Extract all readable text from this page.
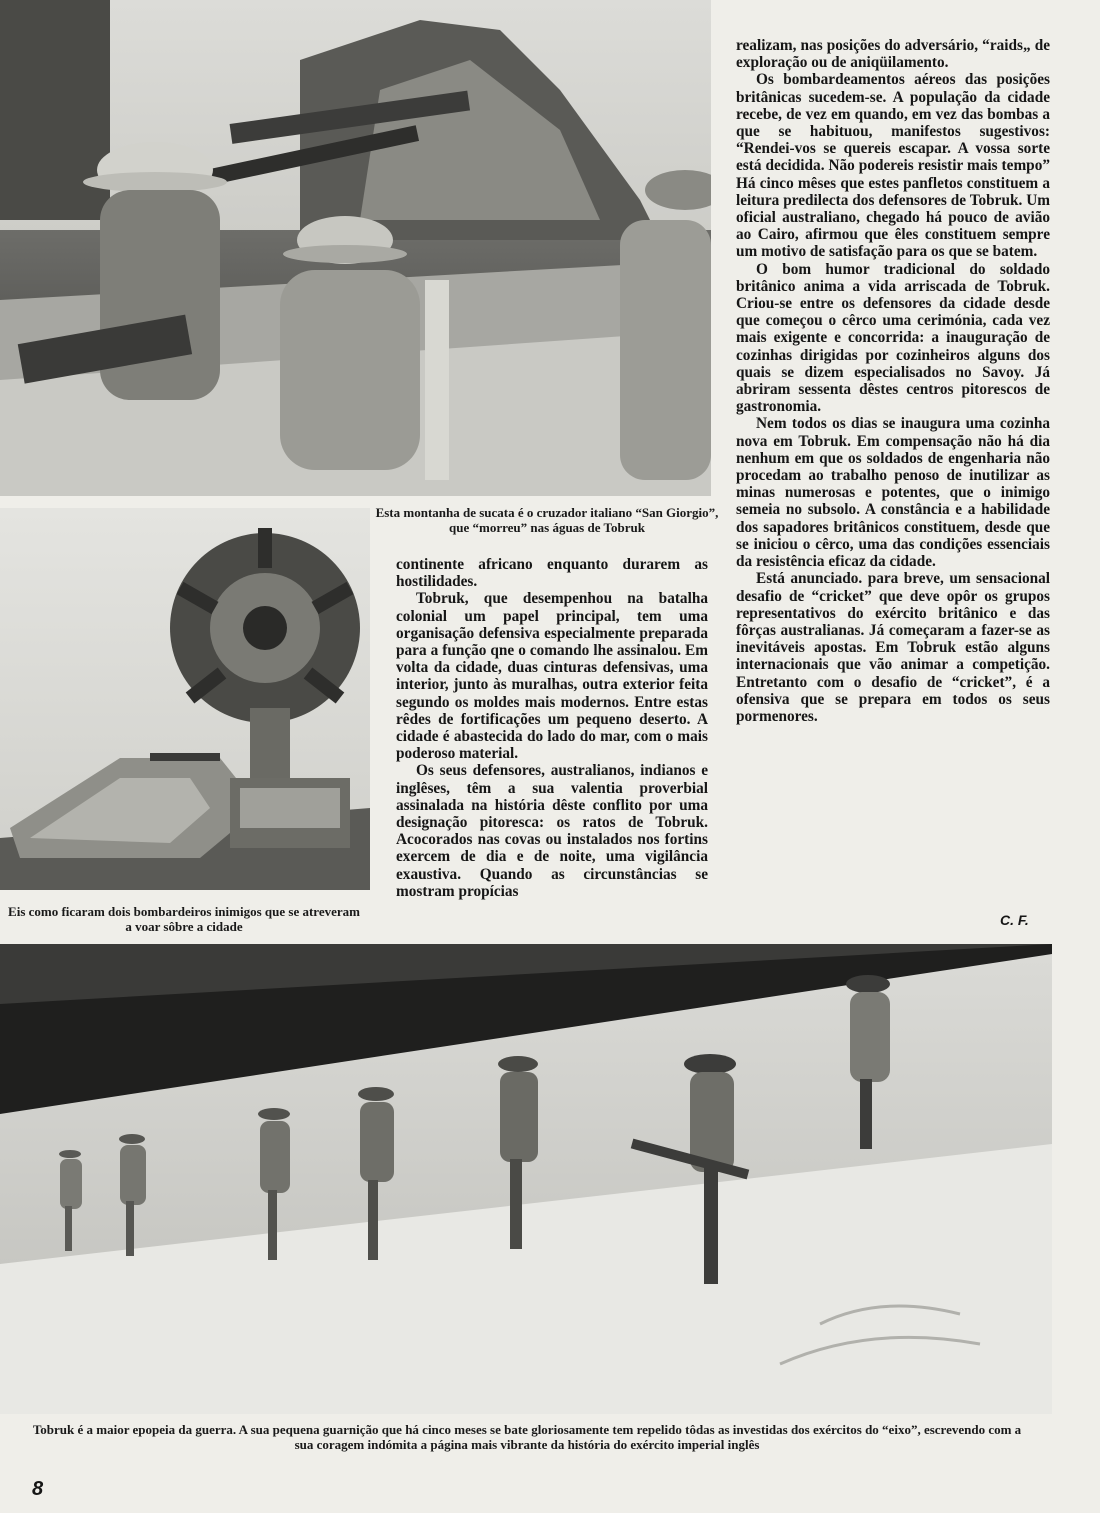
Esta montanha de sucata é o cruzador italiano “San Giorgio”, que “morreu” nas águas de Tobruk
Eis como ficaram dois bombardeiros inimigos que se atreveram a voar sôbre a cidade

continente africano enquanto durarem as hostilidades.

Tobruk, que desempenhou na batalha colonial um papel principal, tem uma organisação defensiva especialmente preparada para a função qne o comando lhe assinalou. Em volta da cidade, duas cinturas defensivas, uma interior, junto às muralhas, outra exterior feita segundo os moldes mais modernos. Entre estas rêdes de fortificações um pequeno deserto. A cidade é abastecida do lado do mar, com o mais poderoso material.

Os seus defensores, australianos, indianos e inglêses, têm a sua valentia proverbial assinalada na história dêste conflito por uma designação pitoresca: os ratos de Tobruk. Acocorados nas covas ou instalados nos fortins exercem de dia e de noite, uma vigilância exaustiva. Quando as circunstâncias se mostram propícias

realizam, nas posições do adversário, “raids„ de exploração ou de aniqüilamento.

Os bombardeamentos aéreos das posições britânicas sucedem-se. A população da cidade recebe, de vez em quando, em vez das bombas a que se habituou, manifestos sugestivos: “Rendei-vos se quereis escapar. A vossa sorte está decidida. Não podereis resistir mais tempo” Há cinco mêses que estes panfletos constituem a leitura predilecta dos defensores de Tobruk. Um oficial australiano, chegado há pouco de avião ao Cairo, afirmou que êles constituem sempre um motivo de satisfação para os que se batem.

O bom humor tradicional do soldado britânico anima a vida arriscada de Tobruk. Criou-se entre os defensores da cidade desde que começou o cêrco uma cerimónia, cada vez mais exigente e concorrida: a inauguração de cozinhas dirigidas por cozinheiros alguns dos quais se dizem especialisados no Savoy. Já abriram sessenta dêstes centros pitorescos de gastronomia.

Nem todos os dias se inaugura uma cozinha nova em Tobruk. Em compensação não há dia nenhum em que os soldados de engenharia não procedam ao trabalho penoso de inutilizar as minas numerosas e potentes, que o inimigo semeia no subsolo. A constância e a habilidade dos sapadores britânicos constituem, desde que se iniciou o cêrco, uma das condições essenciais da resistência eficaz da cidade.

Está anunciado. para breve, um sensacional desafio de “cricket” que deve opôr os grupos representativos do exército britânico e das fôrças australianas. Já começaram a fazer-se as inevitáveis apostas. Em Tobruk estão alguns internacionais que vão animar a competição. Entretanto com o desafio de “cricket”, é a ofensiva que se prepara em todos os seus pormenores.

C. F.
Tobruk é a maior epopeia da guerra. A sua pequena guarnição que há cinco meses se bate gloriosamente tem repelido tôdas as investidas dos exércitos do “eixo”, escrevendo com a sua coragem indómita a página mais vibrante da história do exército imperial inglês
8
